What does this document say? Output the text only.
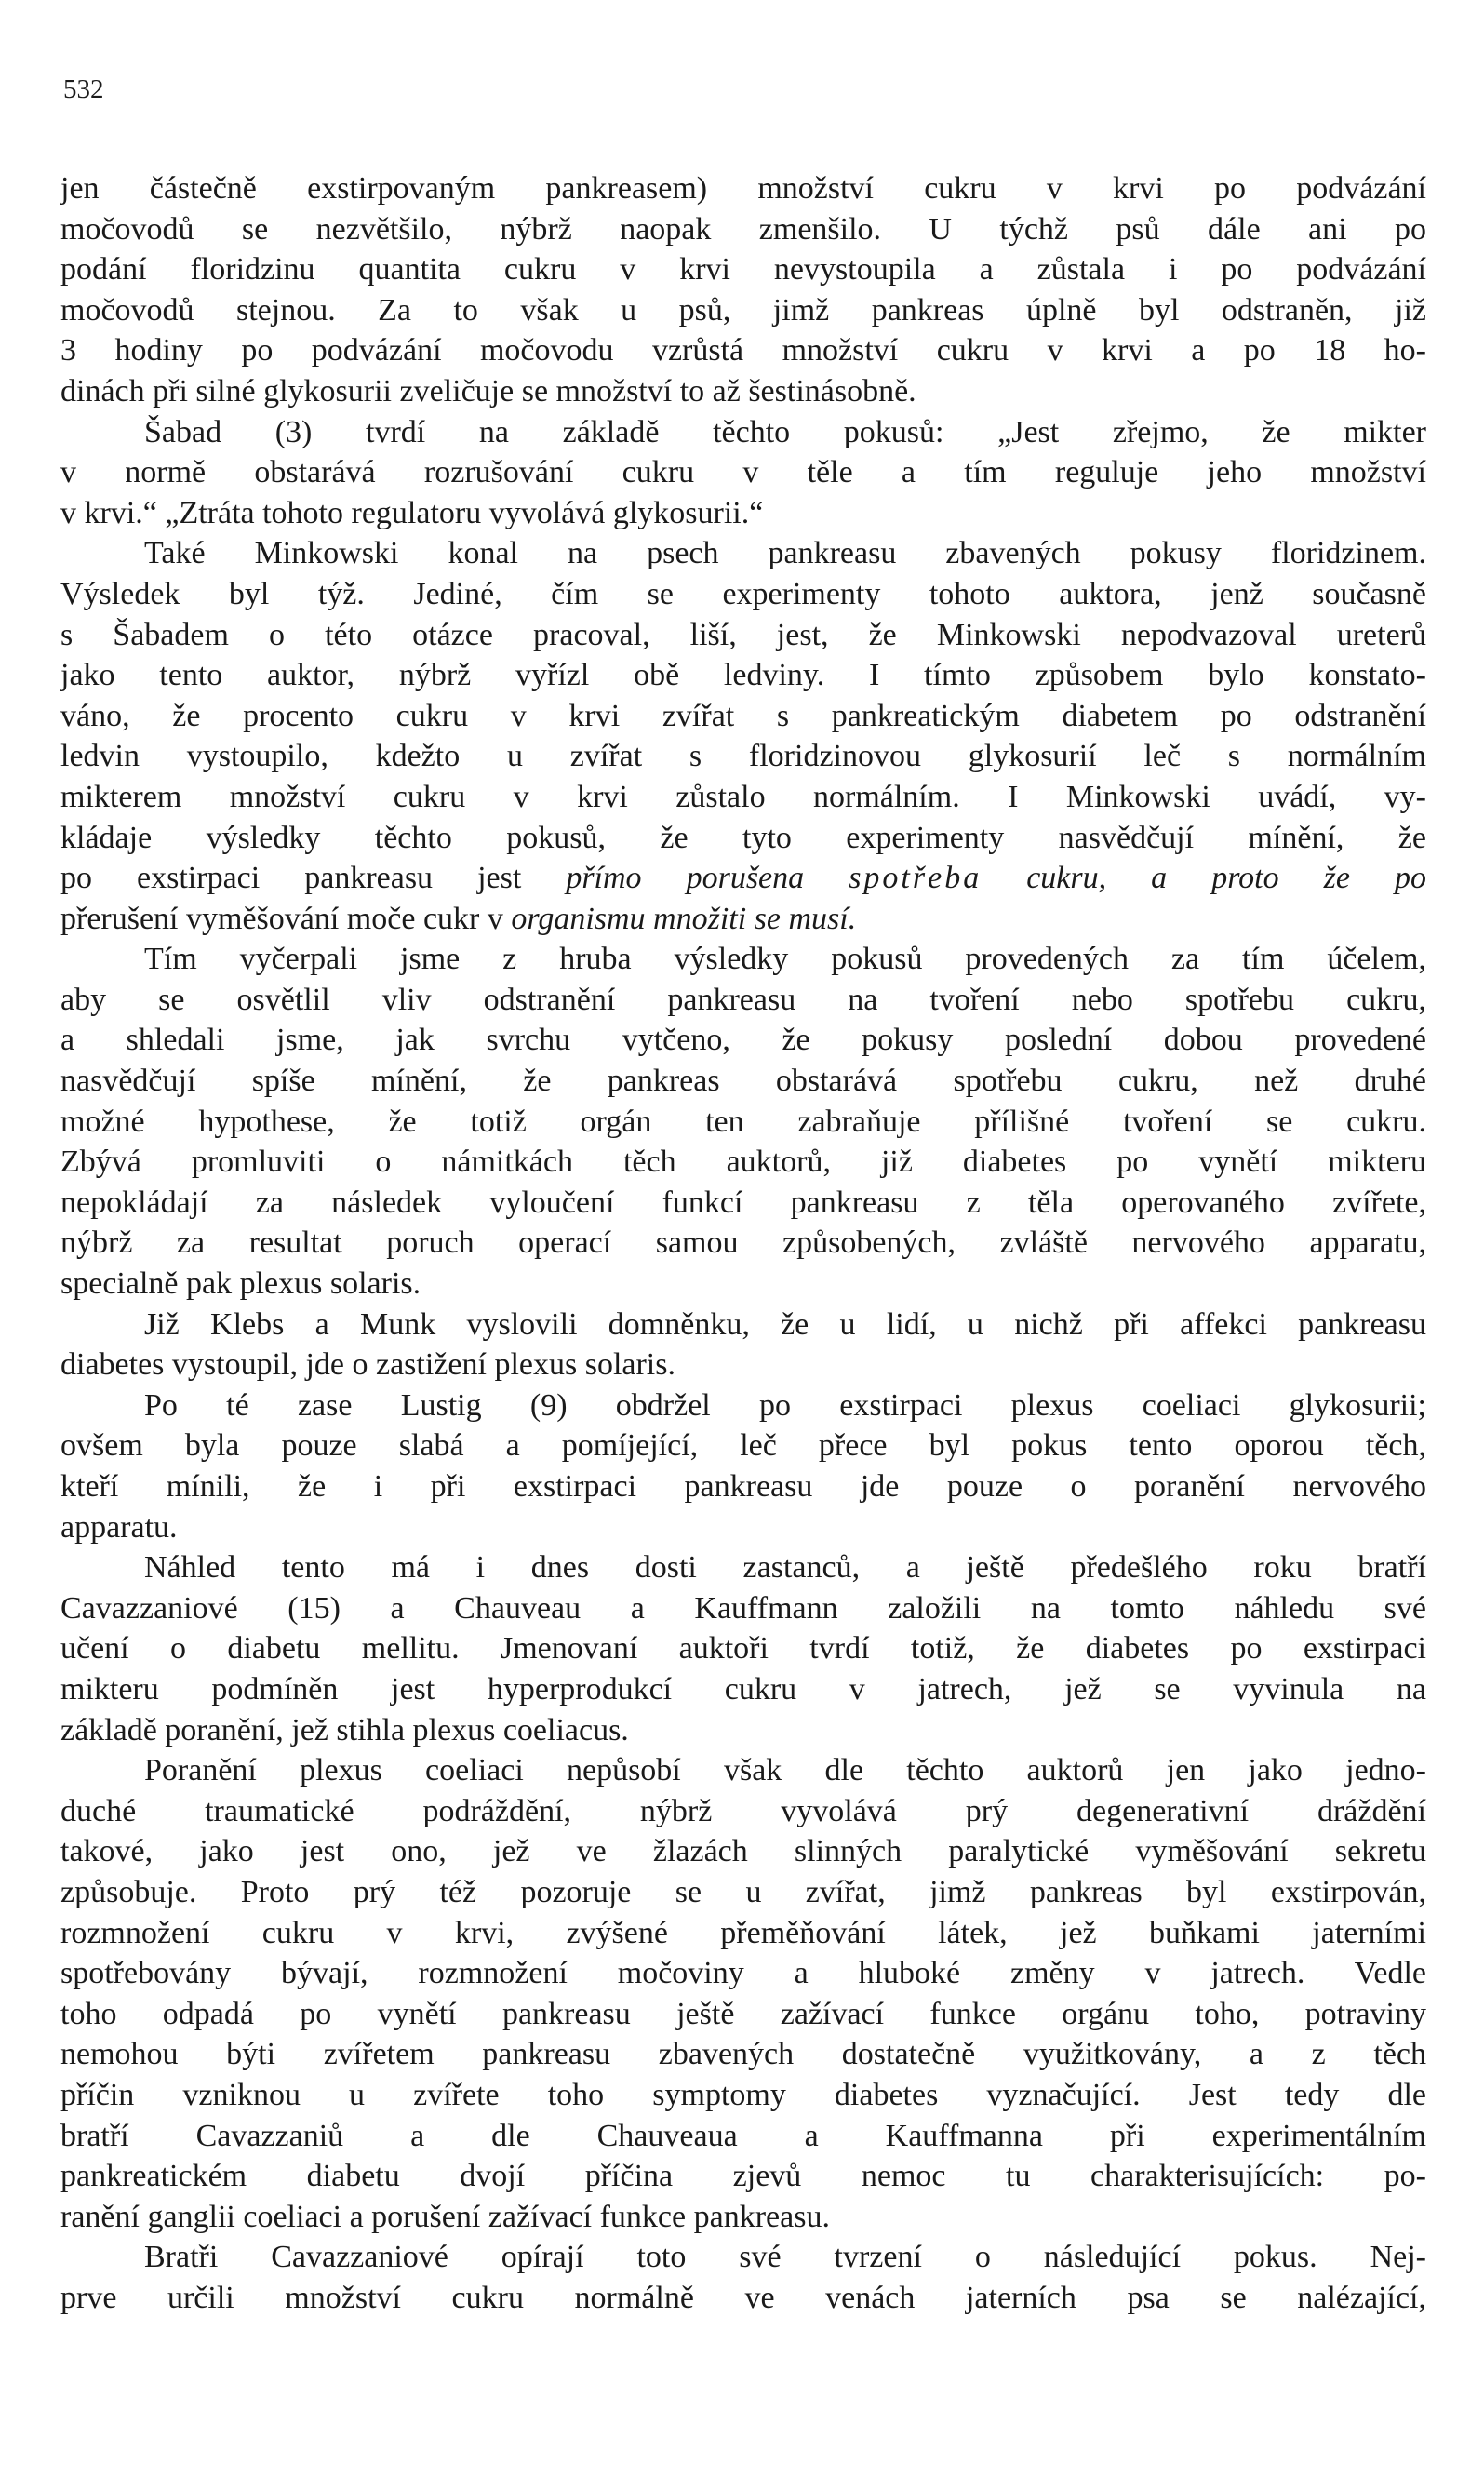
532
jen částečně exstirpovaným pankreasem) množství cukru v krvi po podvázání
močovodů se nezvětšilo, nýbrž naopak zmenšilo. U týchž psů dále ani po
podání floridzinu quantita cukru v krvi nevystoupila a zůstala i po podvázání
močovodů stejnou. Za to však u psů, jimž pankreas úplně byl odstraněn, již
3 hodiny po podvázání močovodu vzrůstá množství cukru v krvi a po 18 ho-
dinách při silné glykosurii zveličuje se množství to až šestinásobně.
Šabad (3) tvrdí na základě těchto pokusů: „Jest zřejmo, že mikter
v normě obstarává rozrušování cukru v těle a tím reguluje jeho množství
v krvi.“ „Ztráta tohoto regulatoru vyvolává glykosurii.“
Také Minkowski konal na psech pankreasu zbavených pokusy floridzinem.
Výsledek byl týž. Jediné, čím se experimenty tohoto auktora, jenž současně
s Šabadem o této otázce pracoval, liší, jest, že Minkowski nepodvazoval ureterů
jako tento auktor, nýbrž vyřízl obě ledviny. I tímto způsobem bylo konstato-
váno, že procento cukru v krvi zvířat s pankreatickým diabetem po odstranění
ledvin vystoupilo, kdežto u zvířat s floridzinovou glykosurií leč s normálním
mikterem množství cukru v krvi zůstalo normálním. I Minkowski uvádí, vy-
kládaje výsledky těchto pokusů, že tyto experimenty nasvědčují mínění, že
po exstirpaci pankreasu jest přímo porušena spotřeba cukru, a proto že po
přerušení vyměšování moče cukr v organismu množiti se musí.
Tím vyčerpali jsme z hruba výsledky pokusů provedených za tím účelem,
aby se osvětlil vliv odstranění pankreasu na tvoření nebo spotřebu cukru,
a shledali jsme, jak svrchu vytčeno, že pokusy poslední dobou provedené
nasvědčují spíše mínění, že pankreas obstarává spotřebu cukru, než druhé
možné hypothese, že totiž orgán ten zabraňuje přílišné tvoření se cukru.
Zbývá promluviti o námitkách těch auktorů, již diabetes po vynětí mikteru
nepokládají za následek vyloučení funkcí pankreasu z těla operovaného zvířete,
nýbrž za resultat poruch operací samou způsobených, zvláště nervového apparatu,
specialně pak plexus solaris.
Již Klebs a Munk vyslovili domněnku, že u lidí, u nichž při affekci pankreasu
diabetes vystoupil, jde o zastižení plexus solaris.
Po té zase Lustig (9) obdržel po exstirpaci plexus coeliaci glykosurii;
ovšem byla pouze slabá a pomíjející, leč přece byl pokus tento oporou těch,
kteří mínili, že i při exstirpaci pankreasu jde pouze o poranění nervového
apparatu.
Náhled tento má i dnes dosti zastanců, a ještě předešlého roku bratří
Cavazzaniové (15) a Chauveau a Kauffmann založili na tomto náhledu své
učení o diabetu mellitu. Jmenovaní auktoři tvrdí totiž, že diabetes po exstirpaci
mikteru podmíněn jest hyperprodukcí cukru v jatrech, jež se vyvinula na
základě poranění, jež stihla plexus coeliacus.
Poranění plexus coeliaci nepůsobí však dle těchto auktorů jen jako jedno-
duché traumatické podráždění, nýbrž vyvolává prý degenerativní dráždění
takové, jako jest ono, jež ve žlazách slinných paralytické vyměšování sekretu
způsobuje. Proto prý též pozoruje se u zvířat, jimž pankreas byl exstirpován,
rozmnožení cukru v krvi, zvýšené přeměňování látek, jež buňkami jaterními
spotřebovány bývají, rozmnožení močoviny a hluboké změny v jatrech. Vedle
toho odpadá po vynětí pankreasu ještě zažívací funkce orgánu toho, potraviny
nemohou býti zvířetem pankreasu zbavených dostatečně využitkovány, a z těch
příčin vzniknou u zvířete toho symptomy diabetes vyznačující. Jest tedy dle
bratří Cavazzaniů a dle Chauveaua a Kauffmanna při experimentálním
pankreatickém diabetu dvojí příčina zjevů nemoc tu charakterisujících: po-
ranění ganglii coeliaci a porušení zažívací funkce pankreasu.
Bratři Cavazzaniové opírají toto své tvrzení o následující pokus. Nej-
prve určili množství cukru normálně ve venách jaterních psa se nalézající,
